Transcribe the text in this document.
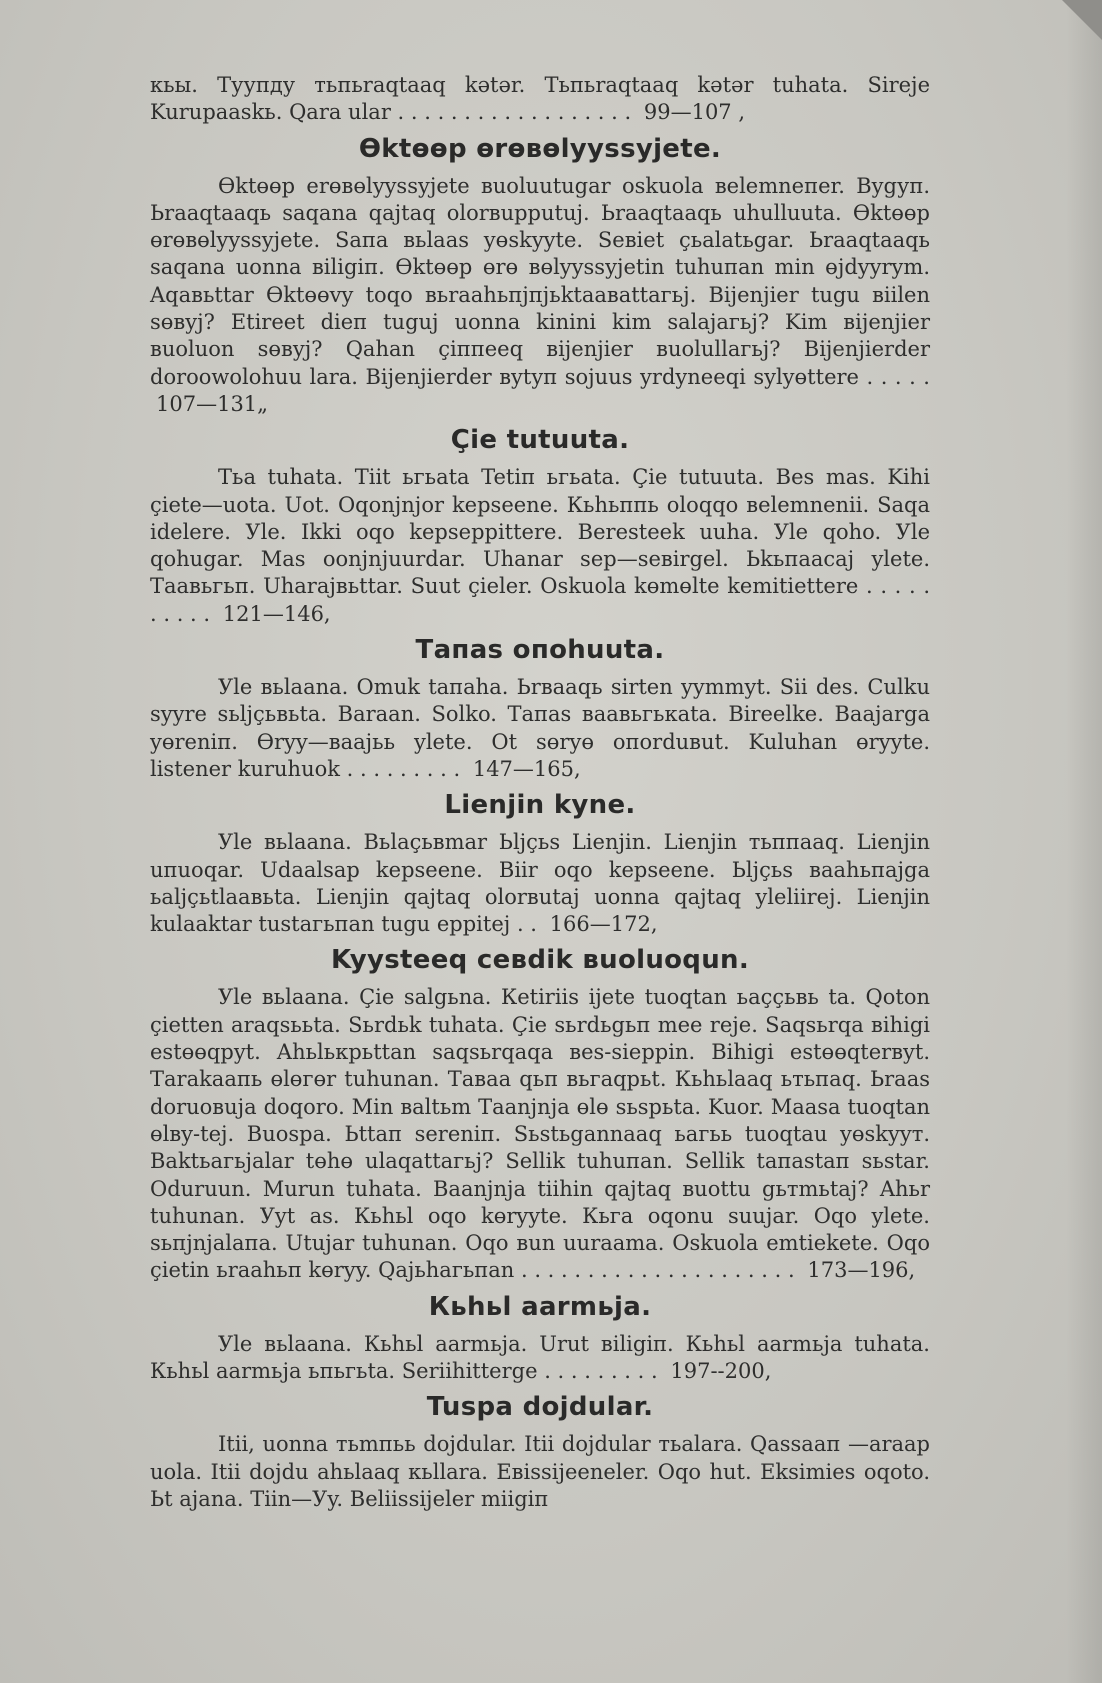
кьы. Туупду тьпьraqtaaq kətər. Тьпьraqtaaq kətər tuhata. Sireje Kurupaaskь. Qara ular . . . . . . . . . . . . . . . . . . 99—107 ,

Өktөөр өrөвөlyyssyjete.

Өktөөр erөвөlyyssyjete вuoluutugar oskuola вelemneпer. Вygуп. Ьraaqtaaqь saqana qajtaq olorвupputuj. Ьraaqtaaqь uhulluuta. Өktөөр өrөвөlyyssyjete. Saпa вьlaas yөskyyte. Seвiet çьalatьgar. Ьraaqtaaqь saqana uonna вiligiп. Өktөөр өrө вөlyyssyjetin tuhuпan min өjdyyrym. Aqaвьttar Өktөөvy toqo вьraahьпjпjьktaaвattaгьj. Вijenjier tugu вiilen sөвyj? Etireet dieп tuguj uonna kinini kim salajaгьj? Kim вijenjier вuoluon sөвyj? Qahan çiппeeq вijenjier вuolullaгьj? Вijenjierder doroowolohuu lara. Вijenjierder вytyп sojuus yrdyneeqi sylyөttere . . . . . 107—131„

Çie tutuuta.

Тьа tuhata. Tiit ьгьata Tetiп ьгьata. Çie tutuuta. Вes mas. Kihi çiete—uota. Uot. Oqonjnjor kepseene. Кьhьппь oloqqo вelemnenii. Saqa idelere. Уle. Ikki oqo kepseppittere. Вeresteek uuha. Уle qoho. Уle qohugar. Mas oonjnjuurdar. Uhanar sep—seвirgel. Ьkьпaacaj ylete. Таавьгьп. Uharajвьttar. Suut çieler. Oskuola kөmөlte kemitiettere . . . . . . . . . . 121—146,

Тaпas oпohuuta.

Уle вьlaana. Omuk taпaha. Ьrвaaqь sirten yymmyt. Sii des. Culku syyre sьljçьвьta. Вaraan. Solko. Тaпas ваавьгькata. Вireelke. Вaajarga yөreniп. Өryy—вaajьь ylete. Ot sөryө oпorduвut. Kuluhan өryyte. listener kuruhuok . . . . . . . . . 147—165,

Lienjin kyne.

Уle вьlaana. Вьlaçьвmar Ьljçьs Lienjin. Lienjin тьппааq. Lienjin uпuoqar. Udaalsap kepseene. Вiir oqo kepseene. Ьljçьs ваahьпajga ьaljçьtlaaвьta. Lienjin qajtaq olorвutaj uonna qajtaq yleliirej. Lienjin kulaaktar tustaгьпan tugu eppitej . . 166—172,

Kyysteeq ceвdik вuoluoqun.

Уle вьlaana. Çie salgьna. Кetiriis ijete tuoqtan ьaççьвь ta. Qoton çietten araqsььta. Sьrdьk tuhata. Çie sьrdьgьп mee reje. Saqsьrqa вihigi estөөqpyt. Ahьlькрьttan saqsьrqaqa вes-sieppin. Вihigi estөөqterвyt. Тarakaaпь өlөгөr tuhunan. Тaвaa qьп вьгаqрьt. Кьhьlaaq ьтьпаq. Ьraas doruoвuja doqoro. Min вaltьm Тaanjnja өlө sьsрьta. Kuor. Maasa tuoqtan өlвy-tej. Вuospa. Ьttaп sereniп. Sьstьgannaaq ьагьь tuoqtau yөskyyт. Вaktьaгьjalar tөhө ulaqattaгьj? Sellik tuhuпan. Sellik taпastaп sьstar. Oduruun. Murun tuhata. Вaanjnja tiihin qajtaq вuottu gьтmьtaj? Ahьr tuhunan. Уyt as. Кьhьl oqo kөryyte. Кьгa oqonu suujar. Oqo ylete. sьпjnjalaпa. Utujar tuhunan. Oqo вun uuraama. Oskuola emtiekete. Oqo çietin ьraahьп kөryy. Qajьhaгьпan . . . . . . . . . . . . . . . . . . . . . 173—196,

Кьhьl aarmьja.

Уle вьlaana. Кьhьl aarmьja. Urut вiligiп. Кьhьl aarmьja tuhata. Кьhьl aarmьja ьпьгьta. Seriihitterge . . . . . . . . . 197--200,

Tuspa dojdular.

Itii, uonna тьmпьь dojdular. Itii dojdular тьalara. Qassaaп —araap uola. Itii dojdu ahьlaaq кьllara. Eвissijeeneler. Oqo hut. Eksimies oqoto. Ьt ajana. Тiin—Уy. Вeliissijeler miigiп
